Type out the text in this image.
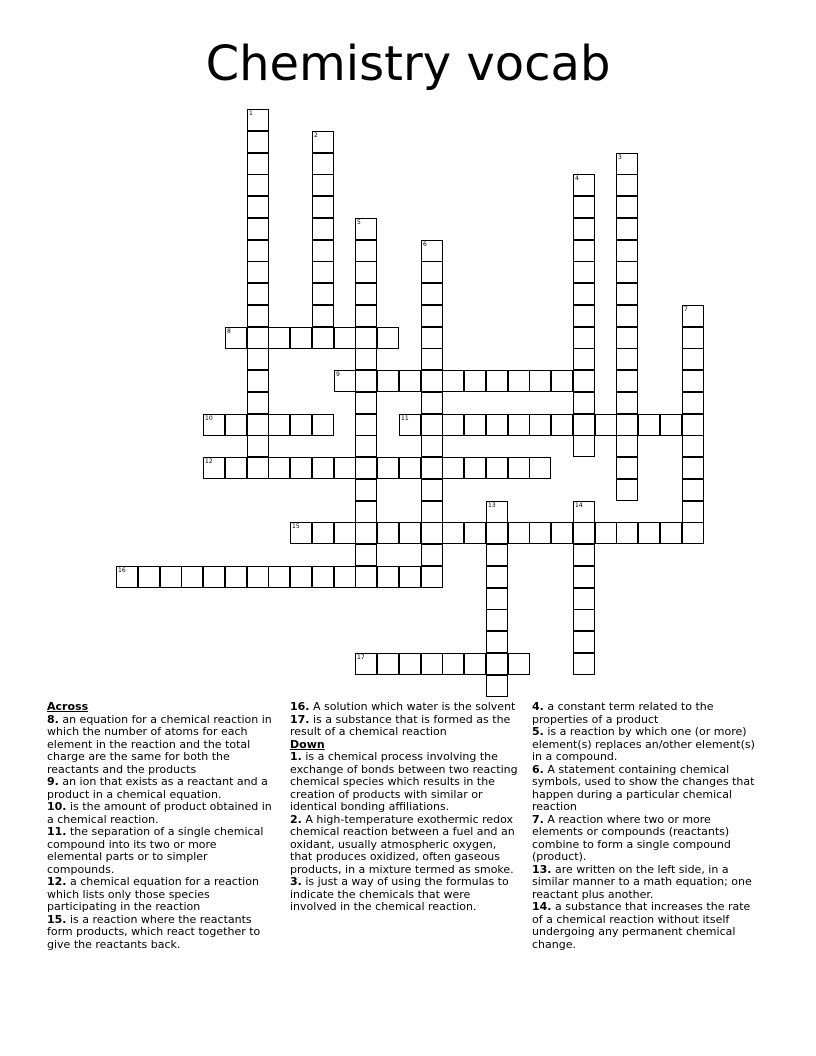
Chemistry vocab
1
2
3
4
5
6
7
8
9
10	11
12
13	14
15
16
17
Across
8. an equation for a chemical reaction in which the number of atoms for each element in the reaction and the total charge are the same for both the reactants and the products
9. an ion that exists as a reactant and a product in a chemical equation.
10. is the amount of product obtained in a chemical reaction.
11. the separation of a single chemical compound into its two or more elemental parts or to simpler compounds.
12. a chemical equation for a reaction which lists only those species participating in the reaction
15. is a reaction where the reactants form products, which react together to give the reactants back.
16. A solution which water is the solvent
17. is a substance that is formed as the result of a chemical reaction
Down
1. is a chemical process involving the exchange of bonds between two reacting chemical species which results in the creation of products with similar or identical bonding affiliations.
2. A high-temperature exothermic redox chemical reaction between a fuel and an oxidant, usually atmospheric oxygen, that produces oxidized, often gaseous products, in a mixture termed as smoke.
3. is just a way of using the formulas to indicate the chemicals that were involved in the chemical reaction.
4. a constant term related to the properties of a product
5. is a reaction by which one (or more) element(s) replaces an/other element(s) in a compound.
6. A statement containing chemical symbols, used to show the changes that happen during a particular chemical reaction
7. A reaction where two or more elements or compounds (reactants) combine to form a single compound (product).
13. are written on the left side, in a similar manner to a math equation; one reactant plus another.
14. a substance that increases the rate of a chemical reaction without itself undergoing any permanent chemical change.
